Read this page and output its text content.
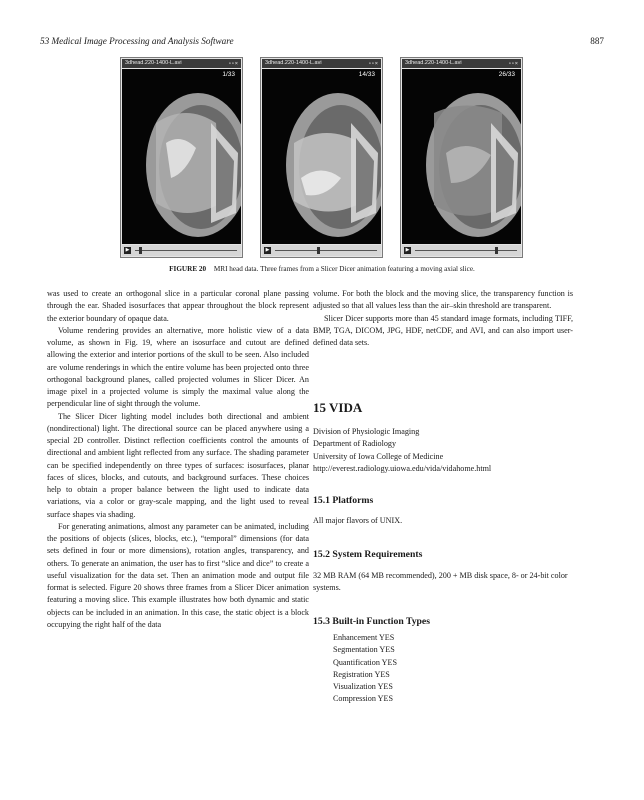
53 Medical Image Processing and Analysis Software	887
3dhead.220-1400-L.avi	▫▫×
1/33
▶
3dhead.220-1400-L.avi	▫▫×
14/33
▶
3dhead.220-1400-L.avi	▫▫×
26/33
▶
FIGURE 20 MRI head data. Three frames from a Slicer Dicer animation featuring a moving axial slice.

was used to create an orthogonal slice in a particular coronal plane passing through the ear. Shaded isosurfaces that appear throughout the block represent the exterior boundary of opaque data.

Volume rendering provides an alternative, more holistic view of a data volume, as shown in Fig. 19, where an isosurface and cutout are defined allowing the exterior and interior portions of the skull to be seen. Also included are volume renderings in which the entire volume has been projected onto three orthogonal background planes, called projected volumes in Slicer Dicer. An image pixel in a projected volume is simply the maximal value along the perpendicular line of sight through the volume.

The Slicer Dicer lighting model includes both directional and ambient (nondirectional) light. The directional source can be placed anywhere using a special 2D controller. Distinct reflection coefficients control the amounts of directional and ambient light reflected from any surface. The shading parameter can be specified independently on three types of surfaces: isosurfaces, planar faces of slices, blocks, and cutouts, and background surfaces. These choices help to obtain a proper balance between the light used to indicate data variations, via a color or gray-scale mapping, and the light used to reveal surface shapes via shading.

For generating animations, almost any parameter can be animated, including the positions of objects (slices, blocks, etc.), “temporal” dimensions (for data sets defined in four or more dimensions), rotation angles, transparency, and others. To generate an animation, the user has to first “slice and dice” to create a useful visualization for the data set. Then an animation mode and output file format is selected. Figure 20 shows three frames from a Slicer Dicer animation featuring a moving slice. This example illustrates how both dynamic and static objects can be included in an animation. In this case, the static object is a block occupying the right half of the data

volume. For both the block and the moving slice, the transparency function is adjusted so that all values less than the air–skin threshold are transparent.

Slicer Dicer supports more than 45 standard image formats, including TIFF, BMP, TGA, DICOM, JPG, HDF, netCDF, and AVI, and can also import user-defined data sets.

15 VIDA

Division of Physiologic Imaging

Department of Radiology

University of Iowa College of Medicine

http://everest.radiology.uiowa.edu/vida/vidahome.html

15.1 Platforms
All major flavors of UNIX.
15.2 System Requirements
32 MB RAM (64 MB recommended), 200 + MB disk space, 8- or 24-bit color systems.
15.3 Built-in Function Types
Enhancement YES
Segmentation YES
Quantification YES
Registration YES
Visualization YES
Compression YES
